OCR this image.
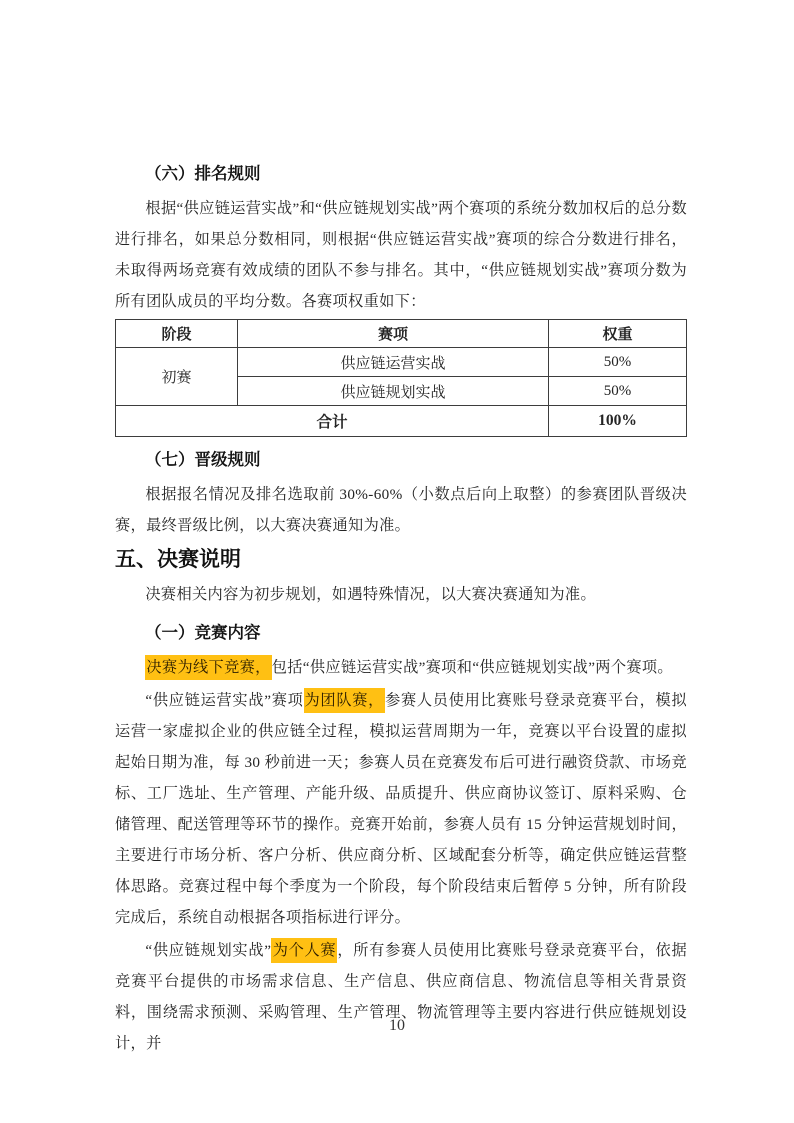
（六）排名规则

根据“供应链运营实战”和“供应链规划实战”两个赛项的系统分数加权后的总分数进行排名，如果总分数相同，则根据“供应链运营实战”赛项的综合分数进行排名，未取得两场竞赛有效成绩的团队不参与排名。其中，“供应链规划实战”赛项分数为所有团队成员的平均分数。各赛项权重如下：

阶段	赛项	权重
初赛	供应链运营实战	50%
	供应链规划实战	50%
合计		100%
（七）晋级规则

根据报名情况及排名选取前 30%-60%（小数点后向上取整）的参赛团队晋级决赛，最终晋级比例，以大赛决赛通知为准。

五、决赛说明

决赛相关内容为初步规划，如遇特殊情况，以大赛决赛通知为准。

（一）竞赛内容

决赛为线下竞赛，包括“供应链运营实战”赛项和“供应链规划实战”两个赛项。

“供应链运营实战”赛项为团队赛，参赛人员使用比赛账号登录竞赛平台，模拟运营一家虚拟企业的供应链全过程，模拟运营周期为一年，竞赛以平台设置的虚拟起始日期为准，每 30 秒前进一天；参赛人员在竞赛发布后可进行融资贷款、市场竞标、工厂选址、生产管理、产能升级、品质提升、供应商协议签订、原料采购、仓储管理、配送管理等环节的操作。竞赛开始前，参赛人员有 15 分钟运营规划时间，主要进行市场分析、客户分析、供应商分析、区域配套分析等，确定供应链运营整体思路。竞赛过程中每个季度为一个阶段，每个阶段结束后暂停 5 分钟，所有阶段完成后，系统自动根据各项指标进行评分。

“供应链规划实战”为个人赛，所有参赛人员使用比赛账号登录竞赛平台，依据竞赛平台提供的市场需求信息、生产信息、供应商信息、物流信息等相关背景资料，围绕需求预测、采购管理、生产管理、物流管理等主要内容进行供应链规划设计，并

10
